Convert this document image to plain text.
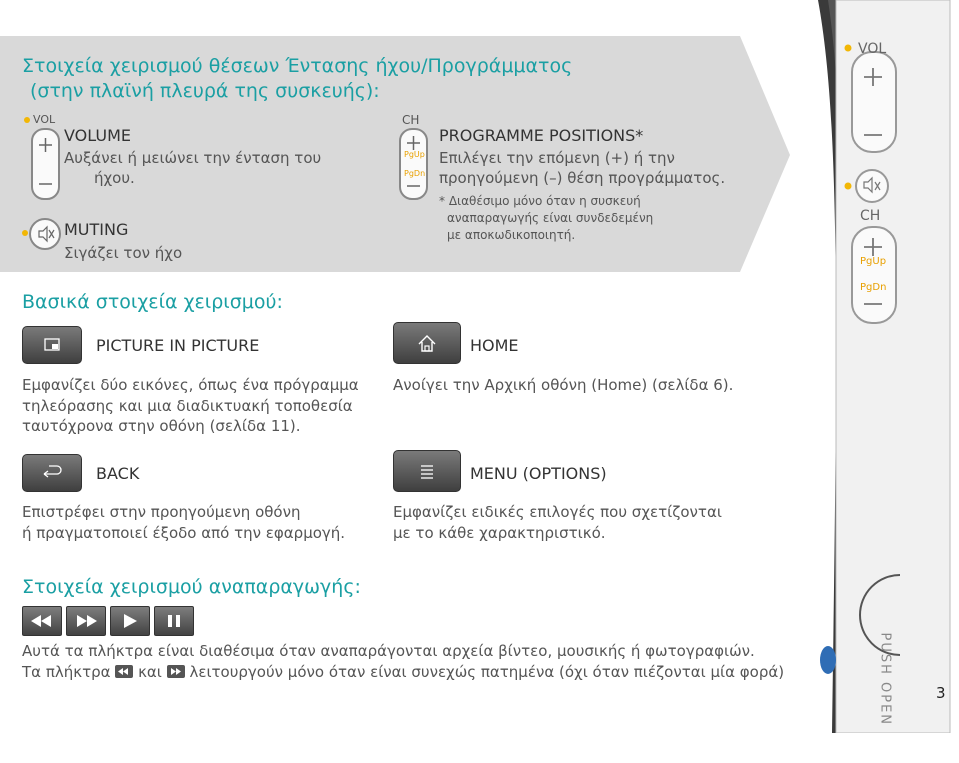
Στοιχεία χειρισμού θέσεων Έντασης ήχου/Προγράμματος
(στην πλαϊνή πλευρά της συσκευής):
VOL
VOLUME
Αυξάνει ή μειώνει την ένταση του
ήχου.
MUTING
Σιγάζει τον ήχο
CH
PgUp
PgDn
PROGRAMME POSITIONS*
Επιλέγει την επόμενη (+) ή την
προηγούμενη (–) θέση προγράμματος.
* Διαθέσιμο μόνο όταν η συσκευή
αναπαραγωγής είναι συνδεδεμένη
με αποκωδικοποιητή.
Βασικά στοιχεία χειρισμού:
PICTURE IN PICTURE
Εμφανίζει δύο εικόνες, όπως ένα πρόγραμμα
τηλεόρασης και μια διαδικτυακή τοποθεσία
ταυτόχρονα στην οθόνη (σελίδα 11).
HOME
Ανοίγει την Αρχική οθόνη (Home) (σελίδα 6).
BACK
Επιστρέφει στην προηγούμενη οθόνη
ή πραγματοποιεί έξοδο από την εφαρμογή.
MENU (OPTIONS)
Εμφανίζει ειδικές επιλογές που σχετίζονται
με το κάθε χαρακτηριστικό.
Στοιχεία χειρισμού αναπαραγωγής:
Αυτά τα πλήκτρα είναι διαθέσιμα όταν αναπαράγονται αρχεία βίντεο, μουσικής ή φωτογραφιών.
Τα πλήκτρα και λειτουργούν μόνο όταν είναι συνεχώς πατημένα (όχι όταν πιέζονται μία φορά)
VOL
CH
PgUp
PgDn
PUSH OPEN	3
